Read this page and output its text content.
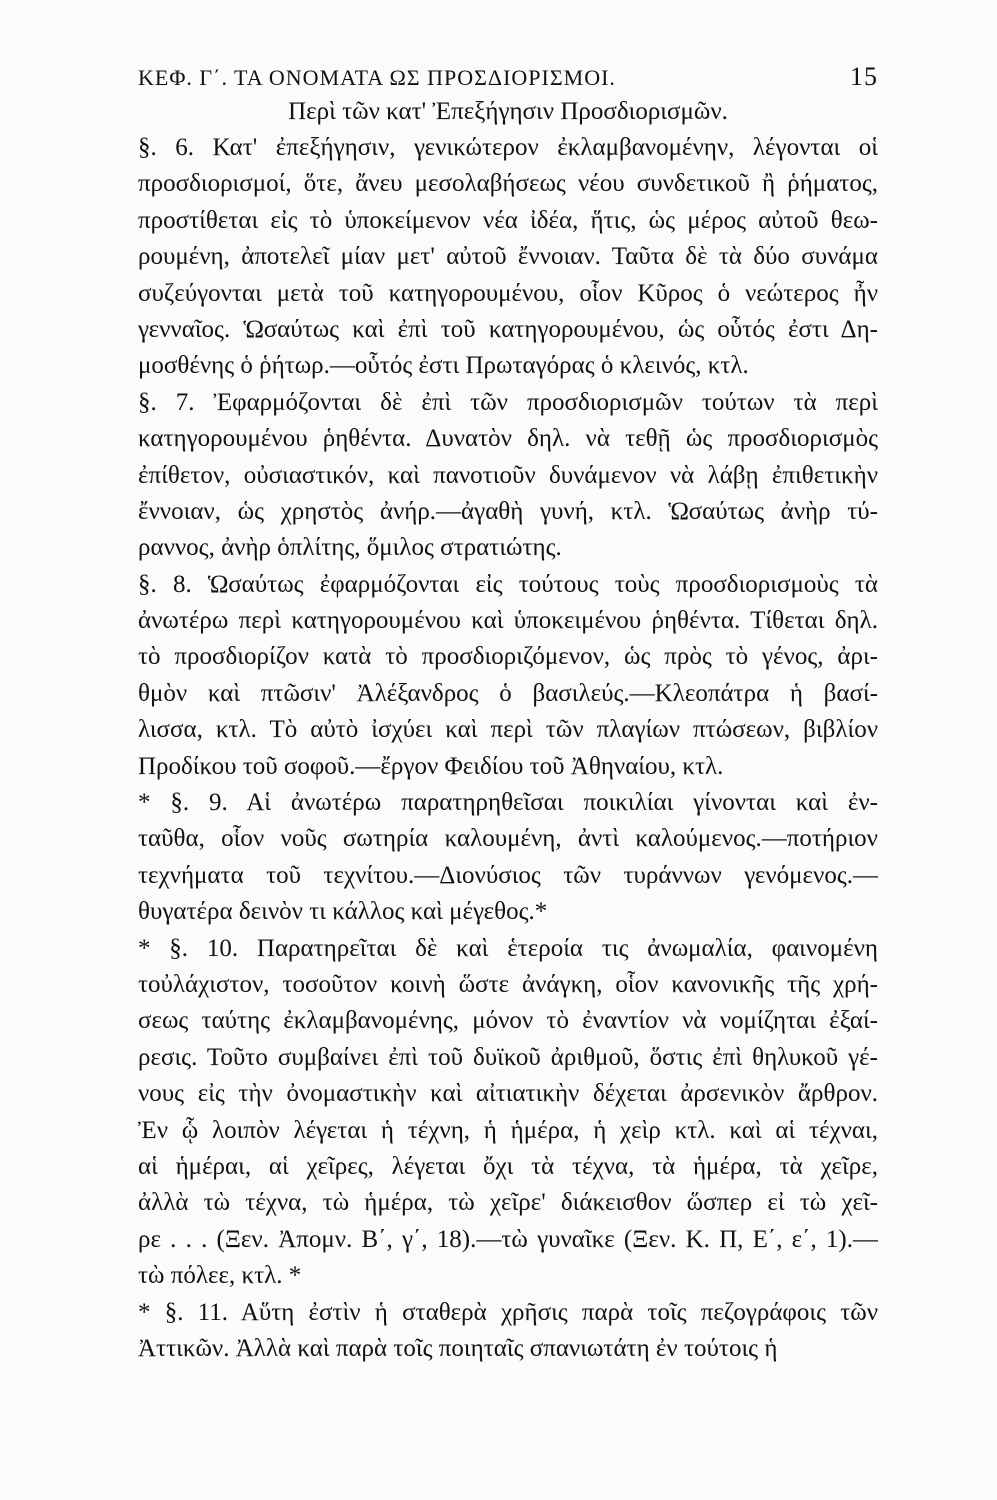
ΚΕΦ. Γ΄. ΤΑ ΟΝΟΜΑΤΑ ΩΣ ΠΡΟΣΔΙΟΡΙΣΜΟΙ.	15
Περὶ τῶν κατ' Ἐπεξήγησιν Προσδιορισμῶν.
§. 6. Κατ' ἐπεξήγησιν, γενικώτερον ἐκλαμβανομένην, λέγονται οἱ
προσδιορισμοί, ὅτε, ἄνευ μεσολαβήσεως νέου συνδετικοῦ ἢ ῥήματος,
προστίθεται εἰς τὸ ὑποκείμενον νέα ἰδέα, ἥτις, ὡς μέρος αὐτοῦ θεω-
ρουμένη, ἀποτελεῖ μίαν μετ' αὐτοῦ ἔννοιαν. Ταῦτα δὲ τὰ δύο συνάμα
συζεύγονται μετὰ τοῦ κατηγορουμένου, οἷον Κῦρος ὁ νεώτερος ἦν
γενναῖος. Ὡσαύτως καὶ ἐπὶ τοῦ κατηγορουμένου, ὡς οὗτός ἐστι Δη-
μοσθένης ὁ ῥήτωρ.—οὗτός ἐστι Πρωταγόρας ὁ κλεινός, κτλ.
§. 7. Ἐφαρμόζονται δὲ ἐπὶ τῶν προσδιορισμῶν τούτων τὰ περὶ
κατηγορουμένου ῥηθέντα. Δυνατὸν δηλ. νὰ τεθῇ ὡς προσδιορισμὸς
ἐπίθετον, οὐσιαστικόν, καὶ πανοτιοῦν δυνάμενον νὰ λάβῃ ἐπιθετικὴν
ἔννοιαν, ὡς χρηστὸς ἀνήρ.—ἀγαθὴ γυνή, κτλ. Ὡσαύτως ἀνὴρ τύ-
ραννος, ἀνὴρ ὁπλίτης, ὅμιλος στρατιώτης.
§. 8. Ὡσαύτως ἐφαρμόζονται εἰς τούτους τοὺς προσδιορισμοὺς τὰ
ἀνωτέρω περὶ κατηγορουμένου καὶ ὑποκειμένου ῥηθέντα. Τίθεται δηλ.
τὸ προσδιορίζον κατὰ τὸ προσδιοριζόμενον, ὡς πρὸς τὸ γένος, ἀρι-
θμὸν καὶ πτῶσιν' Ἀλέξανδρος ὁ βασιλεύς.—Κλεοπάτρα ἡ βασί-
λισσα, κτλ. Τὸ αὐτὸ ἰσχύει καὶ περὶ τῶν πλαγίων πτώσεων, βιβλίον
Προδίκου τοῦ σοφοῦ.—ἔργον Φειδίου τοῦ Ἀθηναίου, κτλ.
* §. 9. Αἱ ἀνωτέρω παρατηρηθεῖσαι ποικιλίαι γίνονται καὶ ἐν-
ταῦθα, οἷον νοῦς σωτηρία καλουμένη, ἀντὶ καλούμενος.—ποτήριον
τεχνήματα τοῦ τεχνίτου.—Διονύσιος τῶν τυράννων γενόμενος.—
θυγατέρα δεινὸν τι κάλλος καὶ μέγεθος.*
* §. 10. Παρατηρεῖται δὲ καὶ ἑτεροία τις ἀνωμαλία, φαινομένη
τοὐλάχιστον, τοσοῦτον κοινὴ ὥστε ἀνάγκη, οἷον κανονικῆς τῆς χρή-
σεως ταύτης ἐκλαμβανομένης, μόνον τὸ ἐναντίον νὰ νομίζηται ἐξαί-
ρεσις. Τοῦτο συμβαίνει ἐπὶ τοῦ δυϊκοῦ ἀριθμοῦ, ὅστις ἐπὶ θηλυκοῦ γέ-
νους εἰς τὴν ὀνομαστικὴν καὶ αἰτιατικὴν δέχεται ἀρσενικὸν ἄρθρον.
Ἐν ᾧ λοιπὸν λέγεται ἡ τέχνη, ἡ ἡμέρα, ἡ χεὶρ κτλ. καὶ αἱ τέχναι,
αἱ ἡμέραι, αἱ χεῖρες, λέγεται ὄχι τὰ τέχνα, τὰ ἡμέρα, τὰ χεῖρε,
ἀλλὰ τὼ τέχνα, τὼ ἡμέρα, τὼ χεῖρε' διάκεισθον ὥσπερ εἰ τὼ χεῖ-
ρε . . . (Ξεν. Ἀπομν. Β΄, γ΄, 18).—τὼ γυναῖκε (Ξεν. Κ. Π, Ε΄, ε΄, 1).—
τὼ πόλεε, κτλ. *
* §. 11. Αὕτη ἐστὶν ἡ σταθερὰ χρῆσις παρὰ τοῖς πεζογράφοις τῶν
Ἀττικῶν. Ἀλλὰ καὶ παρὰ τοῖς ποιηταῖς σπανιωτάτη ἐν τούτοις ἡ
